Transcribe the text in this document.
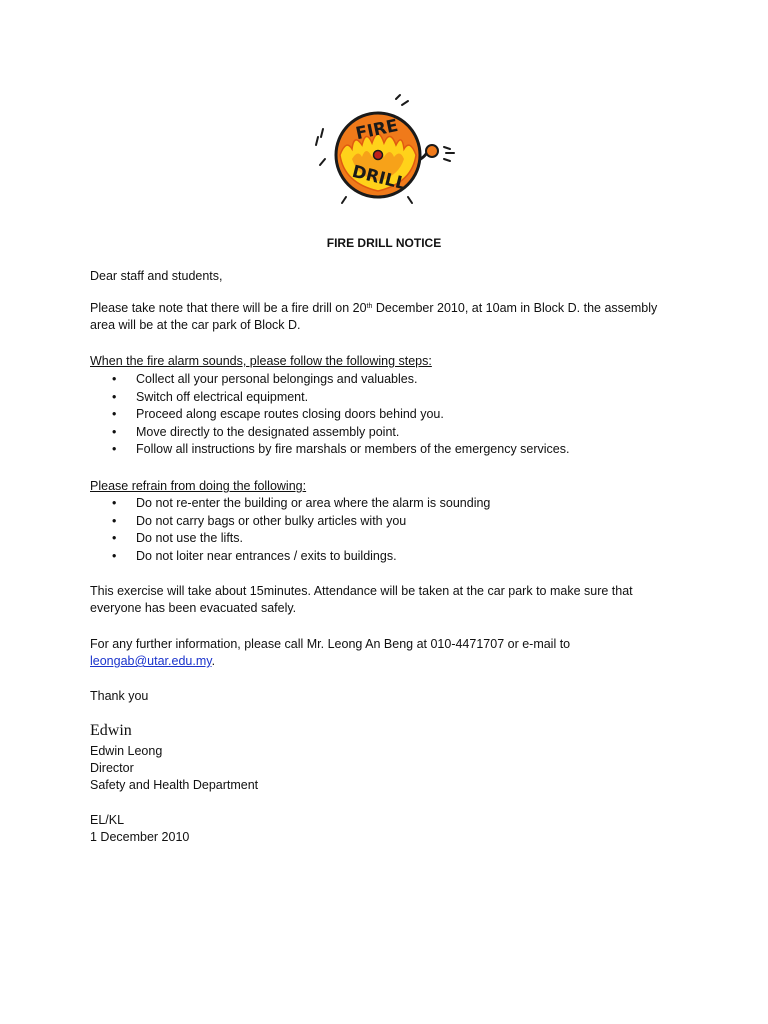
FIRE
DRILL
FIRE DRILL NOTICE
Dear staff and students,
Please take note that there will be a fire drill on 20th December 2010, at 10am in Block D. the assembly
area will be at the car park of Block D.
When the fire alarm sounds, please follow the following steps:
• Collect all your personal belongings and valuables.
• Switch off electrical equipment.
• Proceed along escape routes closing doors behind you.
• Move directly to the designated assembly point.
• Follow all instructions by fire marshals or members of the emergency services.
Please refrain from doing the following:
• Do not re-enter the building or area where the alarm is sounding
• Do not carry bags or other bulky articles with you
• Do not use the lifts.
• Do not loiter near entrances / exits to buildings.
This exercise will take about 15minutes. Attendance will be taken at the car park to make sure that
everyone has been evacuated safely.
For any further information, please call Mr. Leong An Beng at 010-4471707 or e-mail to
leongab@utar.edu.my.
Thank you
Edwin
Edwin Leong
Director
Safety and Health Department
EL/KL
1 December 2010
